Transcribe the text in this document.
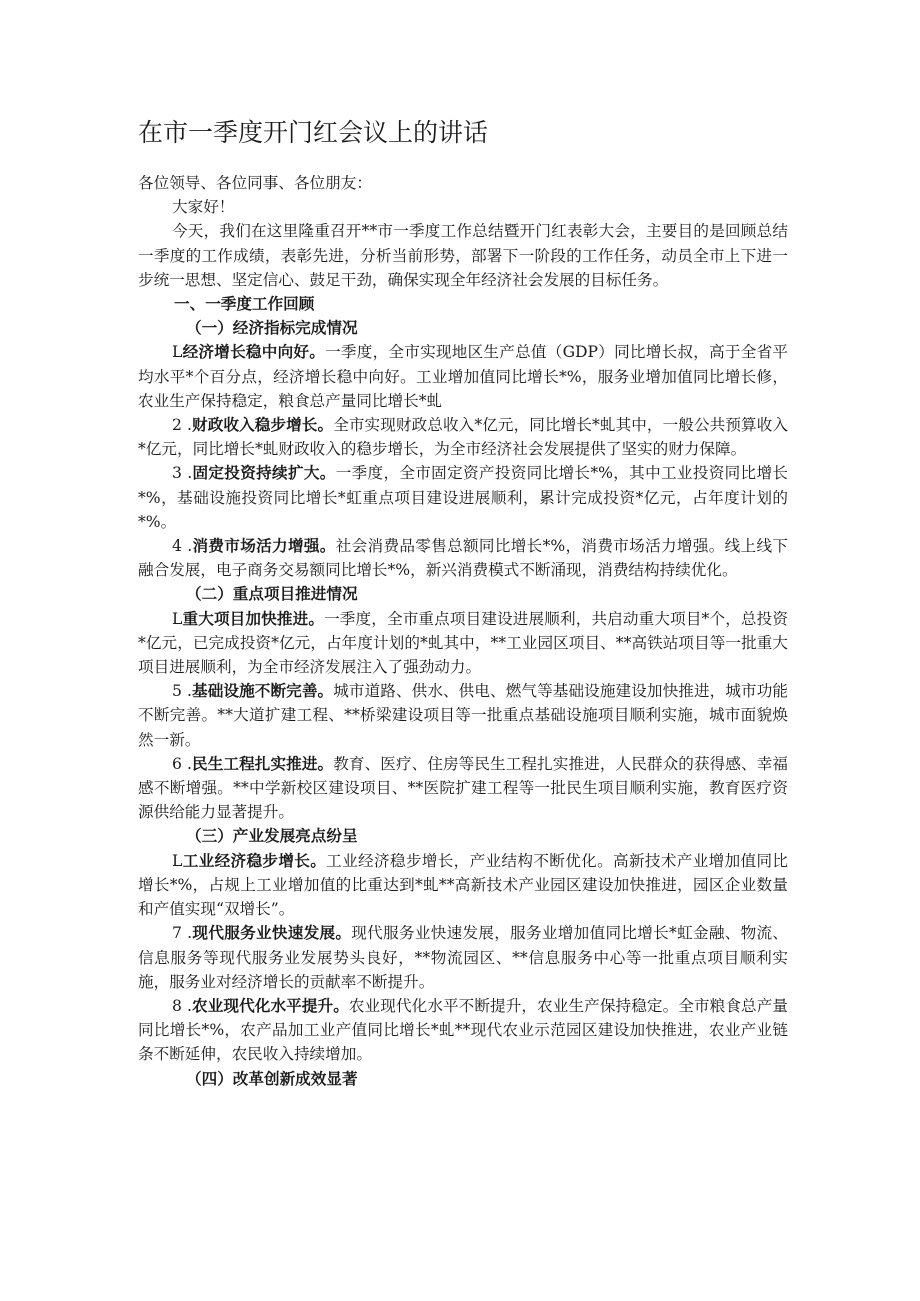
在市一季度开门红会议上的讲话

各位领导、各位同事、各位朋友：

大家好！

今天，我们在这里隆重召开**市一季度工作总结暨开门红表彰大会，主要目的是回顾总结一季度的工作成绩，表彰先进，分析当前形势，部署下一阶段的工作任务，动员全市上下进一步统一思想、坚定信心、鼓足干劲，确保实现全年经济社会发展的目标任务。

一、一季度工作回顾

（一）经济指标完成情况

L经济增长稳中向好。一季度，全市实现地区生产总值（GDP）同比增长叔，高于全省平均水平*个百分点，经济增长稳中向好。工业增加值同比增长*%，服务业增加值同比增长修，农业生产保持稳定，粮食总产量同比增长*虬

2 .财政收入稳步增长。全市实现财政总收入*亿元，同比增长*虬其中，一般公共预算收入*亿元，同比增长*虬财政收入的稳步增长，为全市经济社会发展提供了坚实的财力保障。

3 .固定投资持续扩大。一季度，全市固定资产投资同比增长*%，其中工业投资同比增长*%，基础设施投资同比增长*虹重点项目建设进展顺利，累计完成投资*亿元，占年度计划的*%。

4 .消费市场活力增强。社会消费品零售总额同比增长*%，消费市场活力增强。线上线下融合发展，电子商务交易额同比增长*%，新兴消费模式不断涌现，消费结构持续优化。

（二）重点项目推进情况

L重大项目加快推进。一季度，全市重点项目建设进展顺利，共启动重大项目*个，总投资*亿元，已完成投资*亿元，占年度计划的*虬其中，**工业园区项目、**高铁站项目等一批重大项目进展顺利，为全市经济发展注入了强劲动力。

5 .基础设施不断完善。城市道路、供水、供电、燃气等基础设施建设加快推进，城市功能不断完善。**大道扩建工程、**桥梁建设项目等一批重点基础设施项目顺利实施，城市面貌焕然一新。

6 .民生工程扎实推进。教育、医疗、住房等民生工程扎实推进，人民群众的获得感、幸福感不断增强。**中学新校区建设项目、**医院扩建工程等一批民生项目顺利实施，教育医疗资源供给能力显著提升。

（三）产业发展亮点纷呈

L工业经济稳步增长。工业经济稳步增长，产业结构不断优化。高新技术产业增加值同比增长*%，占规上工业增加值的比重达到*虬**高新技术产业园区建设加快推进，园区企业数量和产值实现“双增长”。

7 .现代服务业快速发展。现代服务业快速发展，服务业增加值同比增长*虹金融、物流、信息服务等现代服务业发展势头良好，**物流园区、**信息服务中心等一批重点项目顺利实施，服务业对经济增长的贡献率不断提升。

8 .农业现代化水平提升。农业现代化水平不断提升，农业生产保持稳定。全市粮食总产量同比增长*%，农产品加工业产值同比增长*虬**现代农业示范园区建设加快推进，农业产业链条不断延伸，农民收入持续增加。

（四）改革创新成效显著
